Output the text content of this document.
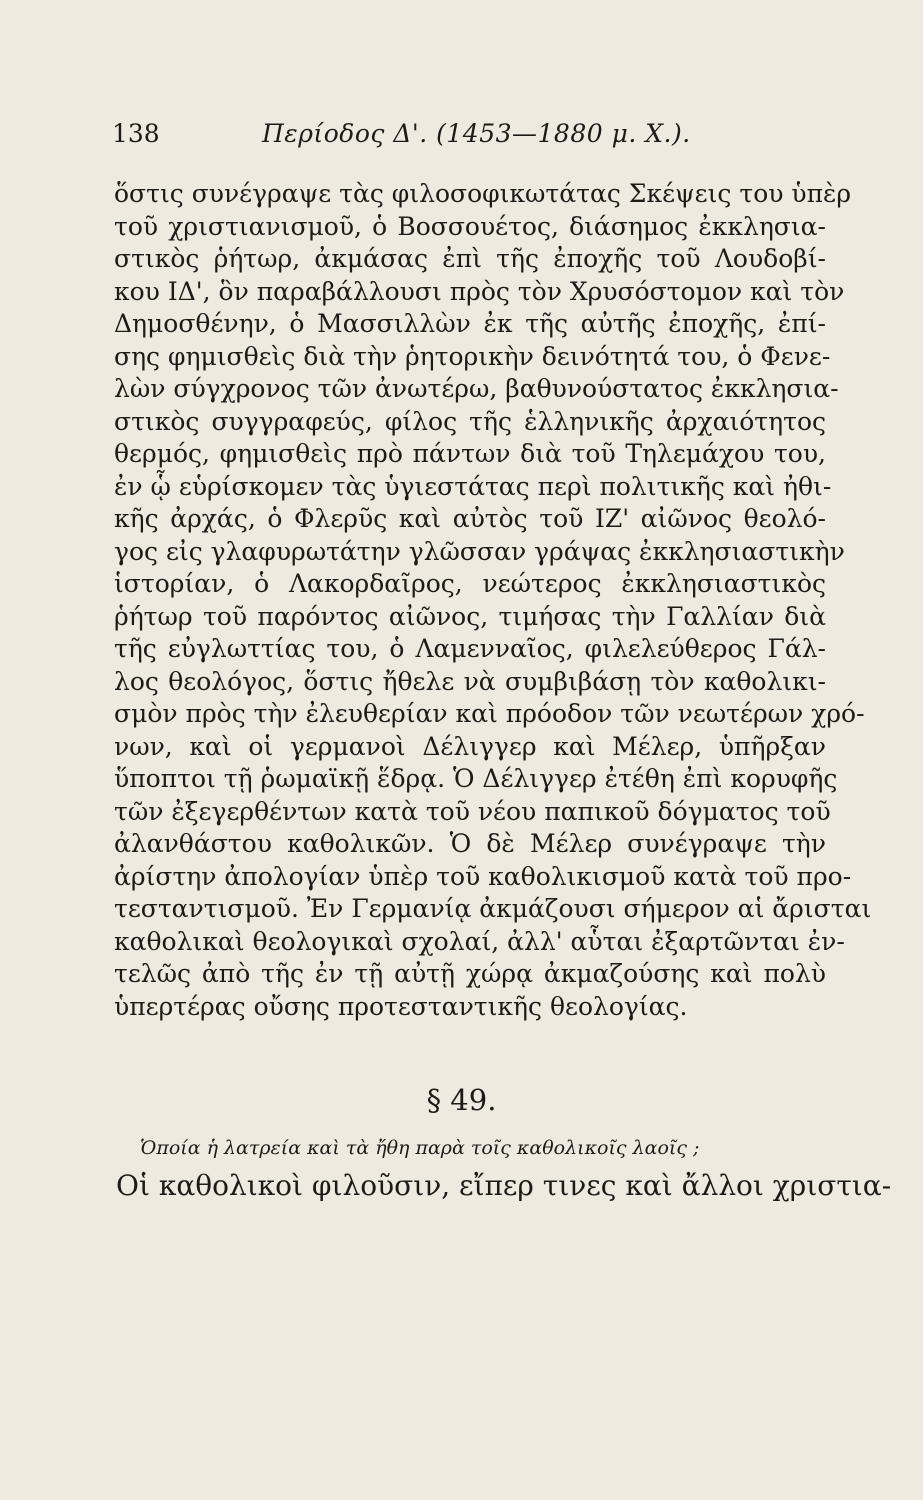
138	Περίοδος Δ'. (1453—1880 μ. Χ.).
ὅστις συνέγραψε τὰς φιλοσοφικωτάτας Σκέψεις του ὑπὲρ
τοῦ χριστιανισμοῦ, ὁ Βοσσουέτος, διάσημος ἐκκλησια-
στικὸς ῥήτωρ, ἀκμάσας ἐπὶ τῆς ἐποχῆς τοῦ Λουδοβί-
κου ΙΔ', ὃν παραβάλλουσι πρὸς τὸν Χρυσόστομον καὶ τὸν
Δημοσθένην, ὁ Μασσιλλὼν ἐκ τῆς αὐτῆς ἐποχῆς, ἐπί-
σης φημισθεὶς διὰ τὴν ῥητορικὴν δεινότητά του, ὁ Φενε-
λὼν σύγχρονος τῶν ἀνωτέρω, βαθυνούστατος ἐκκλησια-
στικὸς συγγραφεύς, φίλος τῆς ἑλληνικῆς ἀρχαιότητος
θερμός, φημισθεὶς πρὸ πάντων διὰ τοῦ Τηλεμάχου του,
ἐν ᾧ εὑρίσκομεν τὰς ὑγιεστάτας περὶ πολιτικῆς καὶ ἠθι-
κῆς ἀρχάς, ὁ Φλερῦς καὶ αὐτὸς τοῦ ΙΖ' αἰῶνος θεολό-
γος εἰς γλαφυρωτάτην γλῶσσαν γράψας ἐκκλησιαστικὴν
ἱστορίαν, ὁ Λακορδαῖρος, νεώτερος ἐκκλησιαστικὸς
ῥήτωρ τοῦ παρόντος αἰῶνος, τιμήσας τὴν Γαλλίαν διὰ
τῆς εὐγλωττίας του, ὁ Λαμενναῖος, φιλελεύθερος Γάλ-
λος θεολόγος, ὅστις ἤθελε νὰ συμβιβάσῃ τὸν καθολικι-
σμὸν πρὸς τὴν ἐλευθερίαν καὶ πρόοδον τῶν νεωτέρων χρό-
νων, καὶ οἱ γερμανοὶ Δέλιγγερ καὶ Μέλερ, ὑπῆρξαν
ὕποπτοι τῇ ῥωμαϊκῇ ἕδρᾳ. Ὁ Δέλιγγερ ἐτέθη ἐπὶ κορυφῆς
τῶν ἐξεγερθέντων κατὰ τοῦ νέου παπικοῦ δόγματος τοῦ
ἀλανθάστου καθολικῶν. Ὁ δὲ Μέλερ συνέγραψε τὴν
ἀρίστην ἀπολογίαν ὑπὲρ τοῦ καθολικισμοῦ κατὰ τοῦ προ-
τεσταντισμοῦ. Ἐν Γερμανίᾳ ἀκμάζουσι σήμερον αἱ ἄρισται
καθολικαὶ θεολογικαὶ σχολαί, ἀλλ' αὗται ἐξαρτῶνται ἐν-
τελῶς ἀπὸ τῆς ἐν τῇ αὐτῇ χώρᾳ ἀκμαζούσης καὶ πολὺ
ὑπερτέρας οὔσης προτεσταντικῆς θεολογίας.
§ 49.
Ὁποία ἡ λατρεία καὶ τὰ ἤθη παρὰ τοῖς καθολικοῖς λαοῖς ;
Οἱ καθολικοὶ φιλοῦσιν, εἴπερ τινες καὶ ἄλλοι χριστια-
